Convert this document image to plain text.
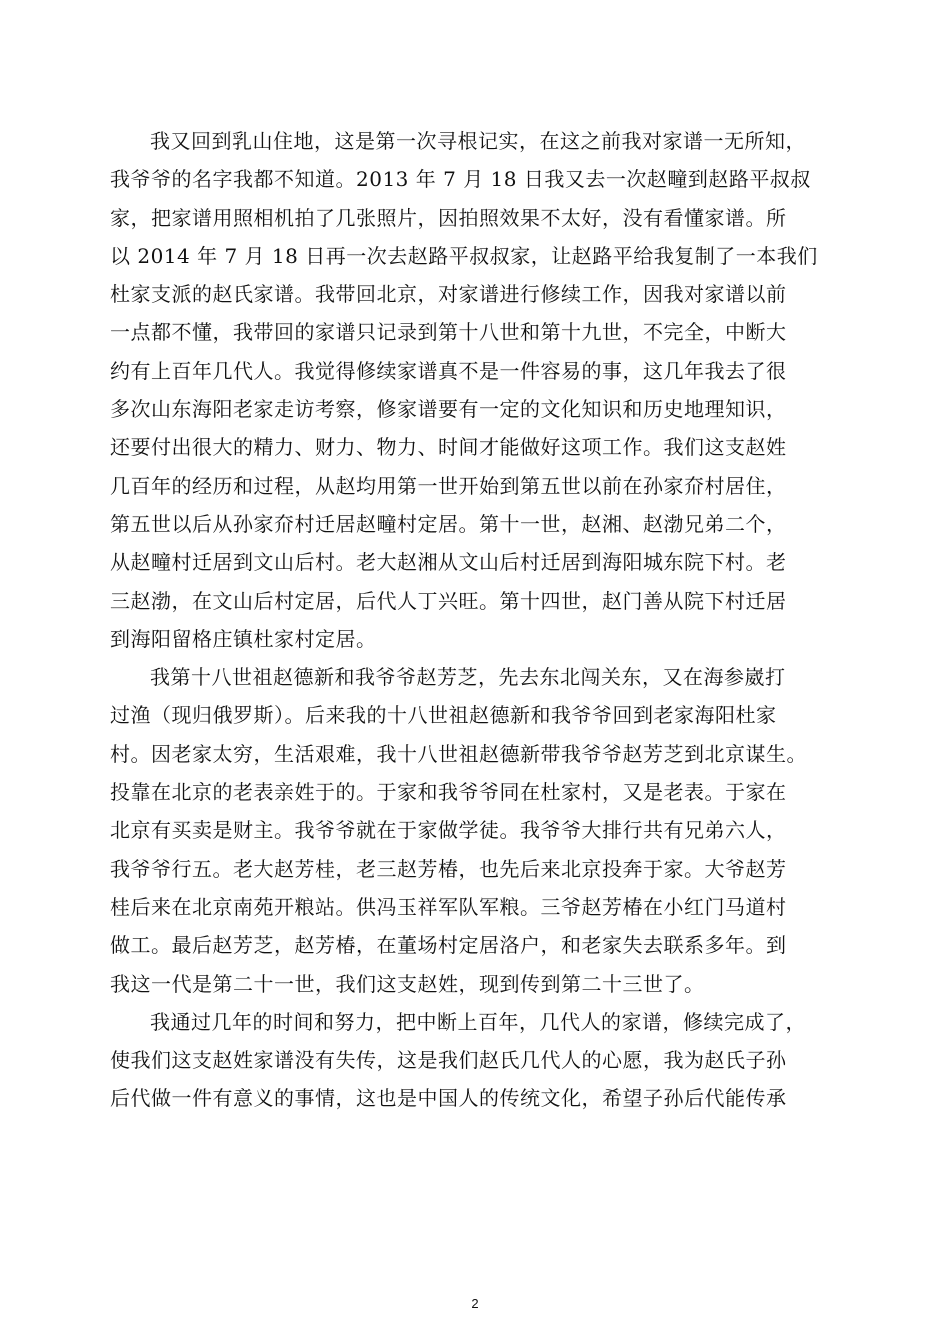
我又回到乳山住地，这是第一次寻根记实，在这之前我对家谱一无所知，
我爷爷的名字我都不知道。2013 年 7 月 18 日我又去一次赵疃到赵路平叔叔
家，把家谱用照相机拍了几张照片，因拍照效果不太好，没有看懂家谱。所
以 2014 年 7 月 18 日再一次去赵路平叔叔家，让赵路平给我复制了一本我们
杜家支派的赵氏家谱。我带回北京，对家谱进行修续工作，因我对家谱以前
一点都不懂，我带回的家谱只记录到第十八世和第十九世，不完全，中断大
约有上百年几代人。我觉得修续家谱真不是一件容易的事，这几年我去了很
多次山东海阳老家走访考察，修家谱要有一定的文化知识和历史地理知识，
还要付出很大的精力、财力、物力、时间才能做好这项工作。我们这支赵姓
几百年的经历和过程，从赵均用第一世开始到第五世以前在孙家夼村居住，
第五世以后从孙家夼村迁居赵疃村定居。第十一世，赵湘、赵渤兄弟二个，
从赵疃村迁居到文山后村。老大赵湘从文山后村迁居到海阳城东院下村。老
三赵渤，在文山后村定居，后代人丁兴旺。第十四世，赵门善从院下村迁居
到海阳留格庄镇杜家村定居。
我第十八世祖赵德新和我爷爷赵芳芝，先去东北闯关东，又在海参崴打
过渔（现归俄罗斯）。后来我的十八世祖赵德新和我爷爷回到老家海阳杜家
村。因老家太穷，生活艰难，我十八世祖赵德新带我爷爷赵芳芝到北京谋生。
投靠在北京的老表亲姓于的。于家和我爷爷同在杜家村，又是老表。于家在
北京有买卖是财主。我爷爷就在于家做学徒。我爷爷大排行共有兄弟六人，
我爷爷行五。老大赵芳桂，老三赵芳椿，也先后来北京投奔于家。大爷赵芳
桂后来在北京南苑开粮站。供冯玉祥军队军粮。三爷赵芳椿在小红门马道村
做工。最后赵芳芝，赵芳椿，在董场村定居洛户，和老家失去联系多年。到
我这一代是第二十一世，我们这支赵姓，现到传到第二十三世了。
我通过几年的时间和努力，把中断上百年，几代人的家谱，修续完成了，
使我们这支赵姓家谱没有失传，这是我们赵氏几代人的心愿，我为赵氏子孙
后代做一件有意义的事情，这也是中国人的传统文化，希望子孙后代能传承
2
